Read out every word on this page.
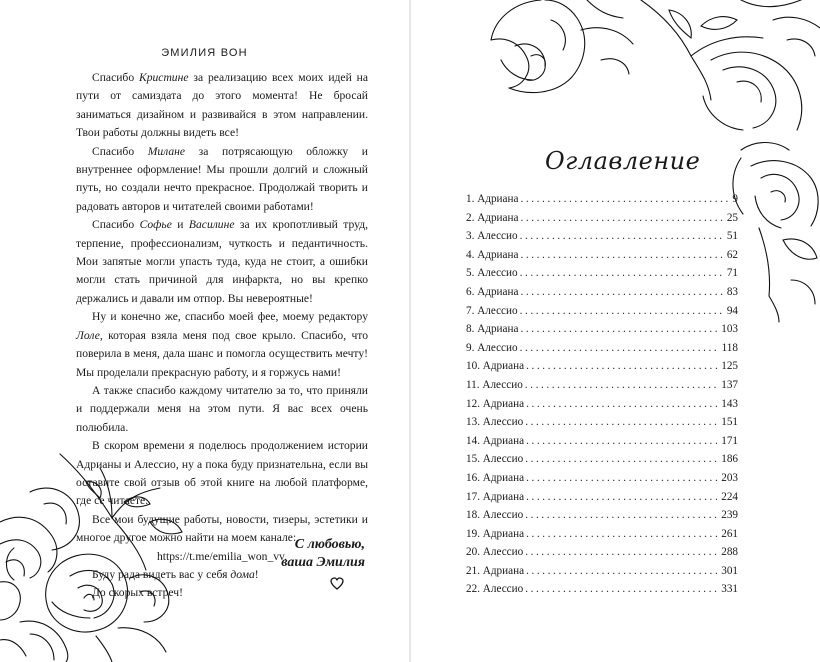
ЭМИЛИЯ ВОН

Спасибо Кристине за реализацию всех моих идей на пути от самиздата до этого момента! Не бросай заниматься дизайном и развивайся в этом направлении. Твои работы должны видеть все!

Спасибо Милане за потрясающую обложку и внутреннее оформление! Мы прошли долгий и сложный путь, но создали нечто прекрасное. Продолжай творить и радовать авторов и читателей своими работами!

Спасибо Софье и Василине за их кропотливый труд, терпение, профессионализм, чуткость и педантичность. Мои запятые могли упасть туда, куда не стоит, а ошибки могли стать причиной для инфаркта, но вы крепко держались и давали им отпор. Вы невероятные!

Ну и конечно же, спасибо моей фее, моему редактору Лоле, которая взяла меня под свое крыло. Спасибо, что поверила в меня, дала шанс и помогла осуществить мечту! Мы проделали прекрасную работу, и я горжусь нами!

А также спасибо каждому читателю за то, что приняли и поддержали меня на этом пути. Я вас всех очень полюбила.

В скором времени я поделюсь продолжением истории Адрианы и Алессио, ну а пока буду признательна, если вы оставите свой отзыв об этой книге на любой платформе, где се читаете.

Все мои будущие работы, новости, тизеры, эстетики и многое другое можно найти на моем канале:

https://t.me/emilia_won_vv.

Буду рада видеть вас у себя дома!

До скорых встреч!

С любовью,
ваша Эмилия
Оглавление
1. Адриана .....	9
2. Адриана .....	25
3. Алессио .....	51
4. Адриана .....	62
5. Алессио .....	71
6. Адриана .....	83
7. Алессио .....	94
8. Адриана .....	103
9. Алессио .....	118
10. Адриана .....	125
11. Алессио .....	137
12. Адриана .....	143
13. Алессио .....	151
14. Адриана .....	171
15. Алессио .....	186
16. Адриана .....	203
17. Адриана .....	224
18. Алессио .....	239
19. Адриана .....	261
20. Алессио .....	288
21. Адриана .....	301
22. Алессио .....	331
